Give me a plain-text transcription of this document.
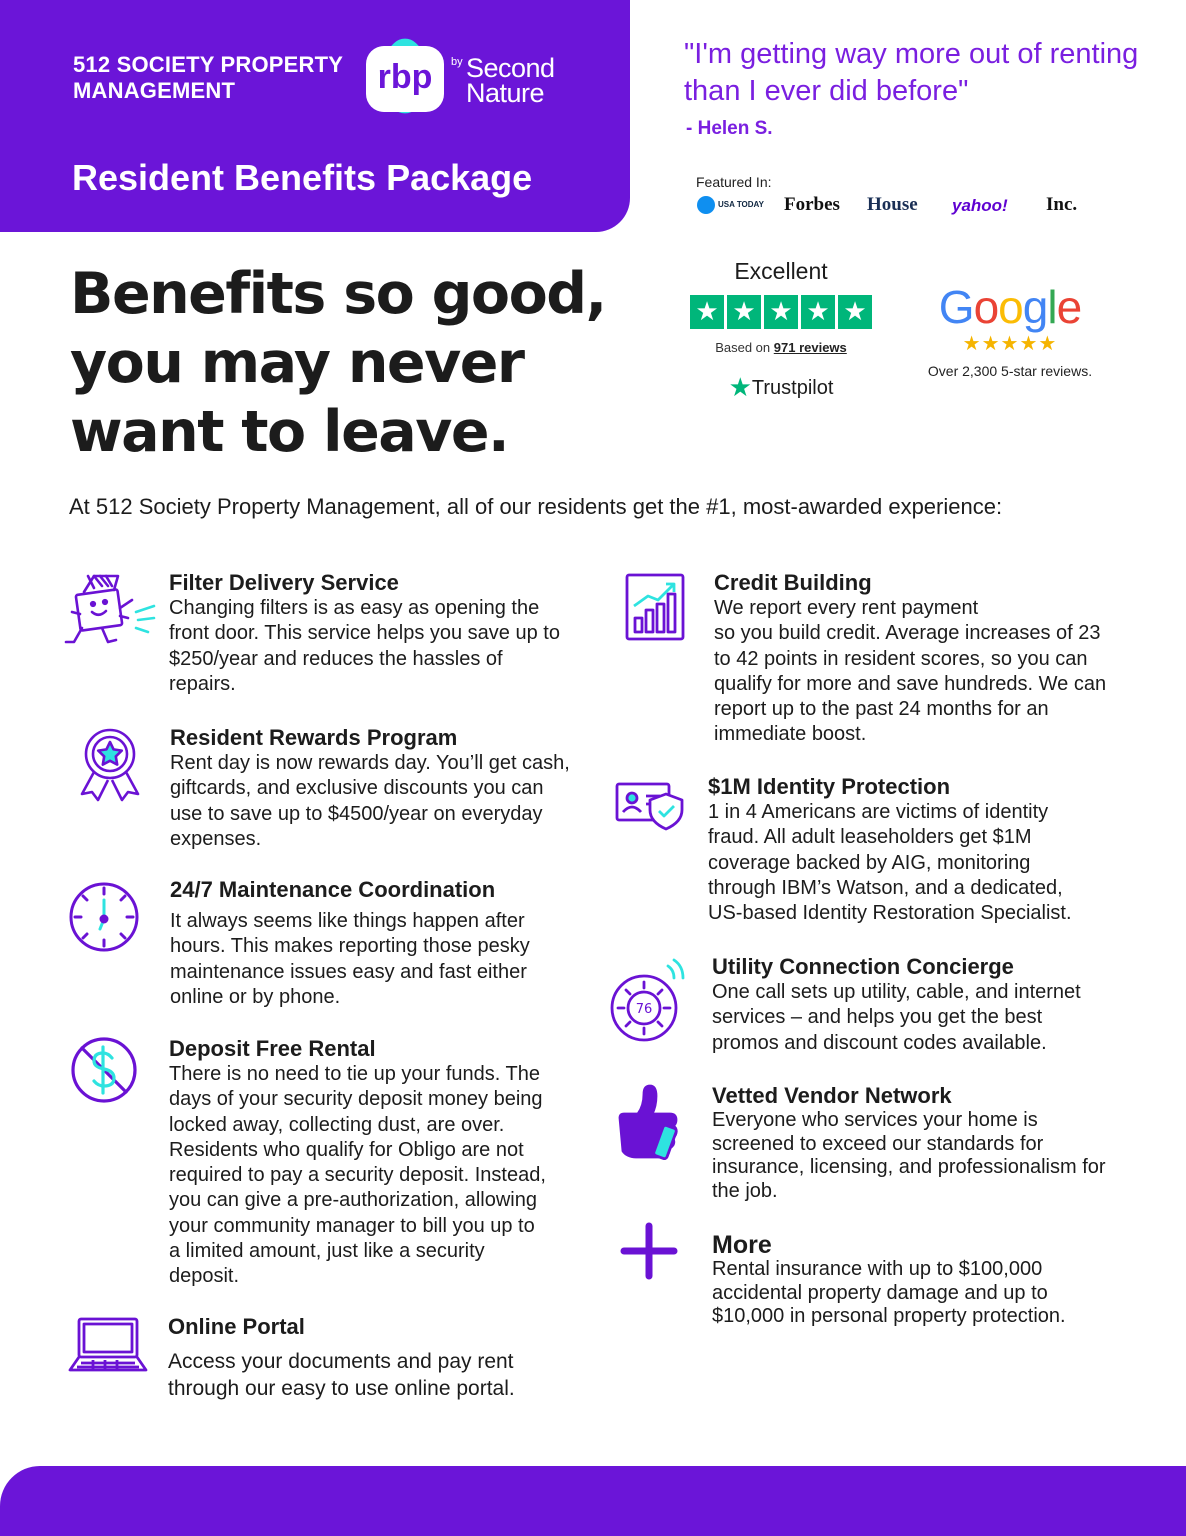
512 SOCIETY PROPERTY MANAGEMENT	rbp	by Second
Nature
Resident Benefits Package
"I'm getting way more out of renting than I ever did before"
- Helen S.
Featured In:
USA TODAY Forbes House yahoo! Inc.
Benefits so good,
you may never
want to leave.
Excellent
★ ★ ★ ★ ★
Based on 971 reviews
★Trustpilot
Google
★★★★★
Over 2,300 5-star reviews.
At 512 Society Property Management, all of our residents get the #1, most-awarded experience:
Filter Delivery Service

Changing filters is as easy as opening the

front door. This service helps you save up to

$250/year and reduces the hassles of

repairs.

Resident Rewards Program

Rent day is now rewards day. You’ll get cash,

giftcards, and exclusive discounts you can

use to save up to $4500/year on everyday

expenses.

24/7 Maintenance Coordination

It always seems like things happen after

hours. This makes reporting those pesky

maintenance issues easy and fast either

online or by phone.

Deposit Free Rental

There is no need to tie up your funds. The

days of your security deposit money being

locked away, collecting dust, are over.

Residents who qualify for Obligo are not

required to pay a security deposit. Instead,

you can give a pre-authorization, allowing

your community manager to bill you up to

a limited amount, just like a security

deposit.

Online Portal

Access your documents and pay rent

through our easy to use online portal.

Credit Building

We report every rent payment

so you build credit. Average increases of 23

to 42 points in resident scores, so you can

qualify for more and save hundreds. We can

report up to the past 24 months for an

immediate boost.

$1M Identity Protection

1 in 4 Americans are victims of identity

fraud. All adult leaseholders get $1M

coverage backed by AIG, monitoring

through IBM’s Watson, and a dedicated,

US-based Identity Restoration Specialist.

76
Utility Connection Concierge

One call sets up utility, cable, and internet

services – and helps you get the best

promos and discount codes available.

Vetted Vendor Network

Everyone who services your home is

screened to exceed our standards for

insurance, licensing, and professionalism for

the job.

More

Rental insurance with up to $100,000

accidental property damage and up to

$10,000 in personal property protection.
